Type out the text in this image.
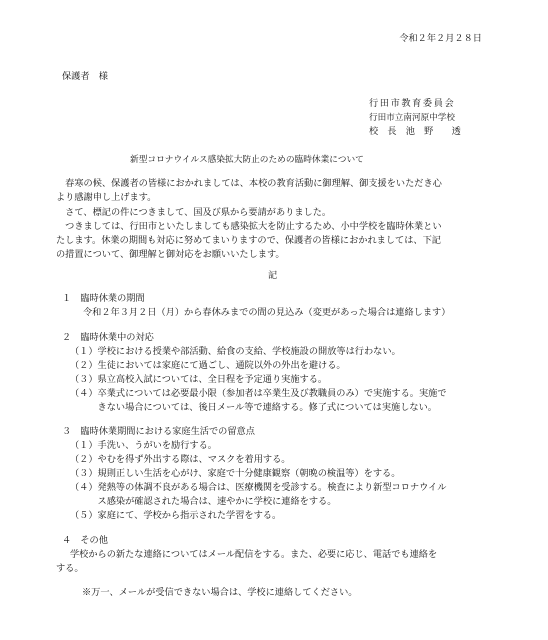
令和２年２月２８日
保護者　様
行田市教育委員会
行田市立南河原中学校
校　長　池　野　　透
新型コロナウイルス感染拡大防止のための臨時休業について
　春寒の候、保護者の皆様におかれましては、本校の教育活動に御理解、御支援をいただき心
より感謝申し上げます。
　さて、標記の件につきまして、国及び県から要請がありました。
　つきましては、行田市といたしましても感染拡大を防止するため、小中学校を臨時休業とい
たします。休業の期間も対応に努めてまいりますので、保護者の皆様におかれましては、下記
の措置について、御理解と御対応をお願いいたします。
記
１　臨時休業の期間
令和２年３月２日（月）から春休みまでの間の見込み（変更があった場合は連絡します）
２　臨時休業中の対応
（１）学校における授業や部活動、給食の支給、学校施設の開放等は行わない。
（２）生徒においては家庭にて過ごし、通院以外の外出を避ける。
（３）県立高校入試については、全日程を予定通り実施する。
（４）卒業式については必要最小限（参加者は卒業生及び教職員のみ）で実施する。実施で
　　　きない場合については、後日メール等で連絡する。修了式については実施しない。
３　臨時休業期間における家庭生活での留意点
（１）手洗い、うがいを励行する。
（２）やむを得ず外出する際は、マスクを着用する。
（３）規則正しい生活を心がけ、家庭で十分健康観察（朝晩の検温等）をする。
（４）発熱等の体調不良がある場合は、医療機関を受診する。検査により新型コロナウイル
　　　ス感染が確認された場合は、速やかに学校に連絡をする。
（５）家庭にて、学校から指示された学習をする。
４　その他
学校からの新たな連絡についてはメール配信をする。また、必要に応じ、電話でも連絡を
する。
※万一、メールが受信できない場合は、学校に連絡してください。
